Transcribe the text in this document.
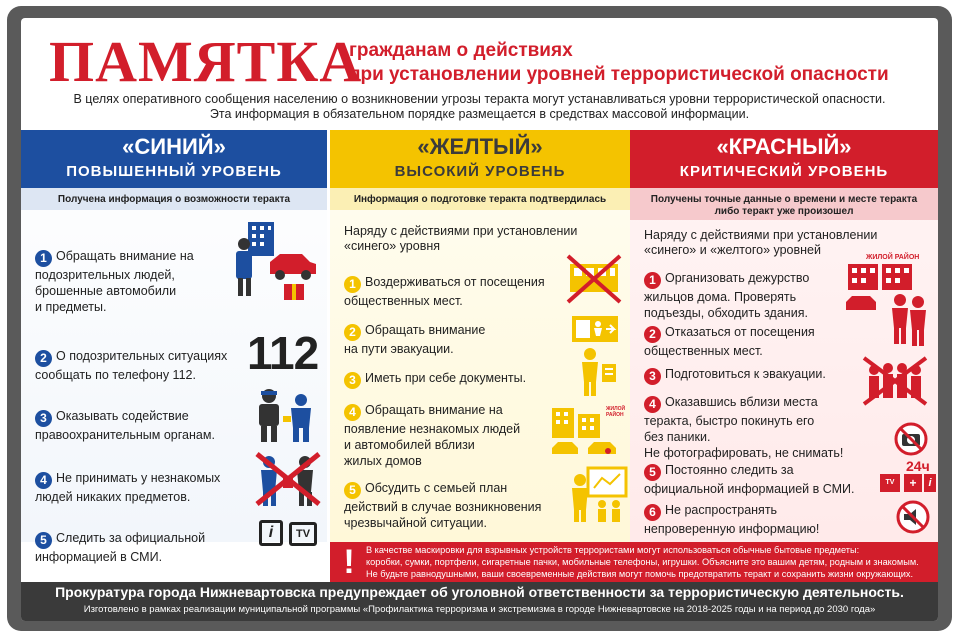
ПАМЯТКА
гражданам о действиях
при установлении уровней террористической опасности
В целях оперативного сообщения населению о возникновении угрозы теракта могут устанавливаться уровни террористической опасности.
Эта информация в обязательном порядке размещается в средствах массовой информации.
«СИНИЙ»
ПОВЫШЕННЫЙ УРОВЕНЬ
Получена информация о возможности теракта
1 Обращать внимание на
подозрительных людей,
брошенные автомобили
и предметы.
2 О подозрительных ситуациях
сообщать по телефону 112.
3 Оказывать содействие
правоохранительным органам.
4 Не принимать у незнакомых
людей никаких предметов.
5 Следить за официальной
информацией в СМИ.
112
i	TV
«ЖЕЛТЫЙ»
ВЫСОКИЙ УРОВЕНЬ
Информация о подготовке теракта подтвердилась
Наряду с действиями при установлении
«синего» уровня
1 Воздерживаться от посещения
общественных мест.
2 Обращать внимание
на пути эвакуации.
3 Иметь при себе документы.
4 Обращать внимание на
появление незнакомых людей
и автомобилей вблизи
жилых домов
5 Обсудить с семьей план
действий в случае возникновения
чрезвычайной ситуации.
ЖИЛОЙ РАЙОН
«КРАСНЫЙ»
КРИТИЧЕСКИЙ УРОВЕНЬ
Получены точные данные о времени и месте теракта
либо теракт уже произошел
Наряду с действиями при установлении
«синего» и «желтого» уровней
1 Организовать дежурство
жильцов дома. Проверять
подъезды, обходить здания.
2 Отказаться от посещения
общественных мест.
3 Подготовиться к эвакуации.
4 Оказавшись вблизи места
теракта, быстро покинуть его
без паники.
Не фотографировать, не снимать!
5 Постоянно следить за
официальной информацией в СМИ.
6 Не распространять
непроверенную информацию!
ЖИЛОЙ РАЙОН
24ч
TV	+	i
!	В качестве маскировки для взрывных устройств террористами могут использоваться обычные бытовые предметы:
коробки, сумки, портфели, сигаретные пачки, мобильные телефоны, игрушки. Объясните это вашим детям, родным и знакомым.
Не будьте равнодушными, ваши своевременные действия могут помочь предотвратить теракт и сохранить жизни окружающих.
Прокуратура города Нижневартовска предупреждает об уголовной ответственности за террористическую деятельность.
Изготовлено в рамках реализации муниципальной программы «Профилактика терроризма и экстремизма в городе Нижневартовске на 2018-2025 годы и на период до 2030 года»
